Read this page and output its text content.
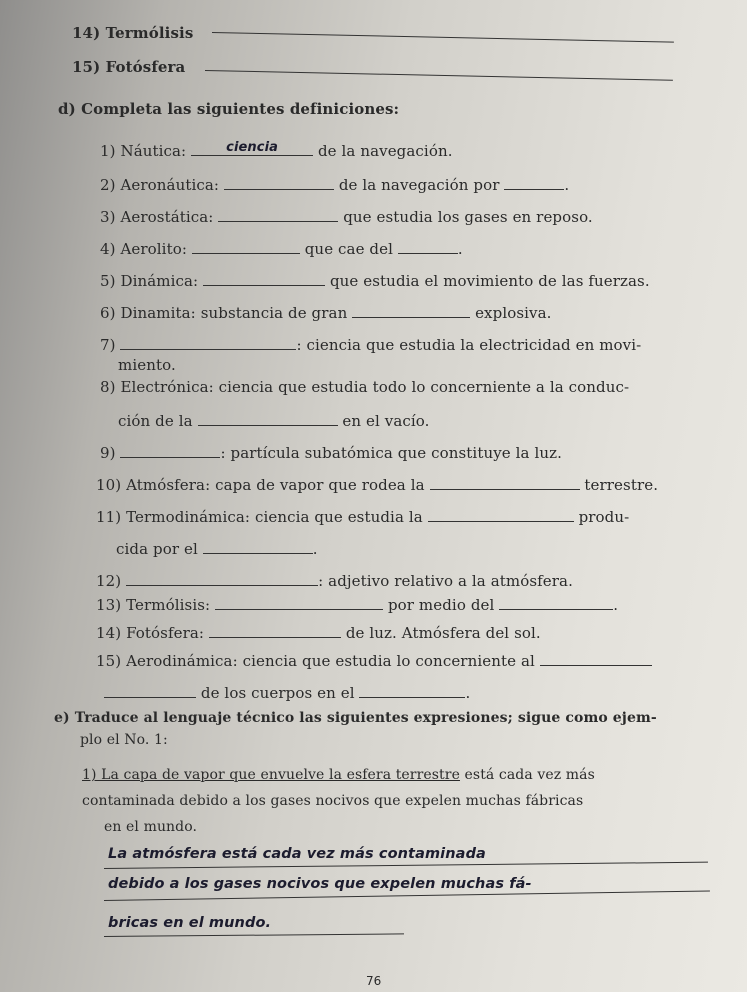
14) Termólisis
15) Fotósfera
d) Completa las siguientes definiciones:
1) Náutica:	ciencia	de la navegación.
2) Aeronáutica:	de la navegación por	.
3) Aerostática:	que estudia los gases en reposo.
4) Aerolito:	que cae del	.
5) Dinámica:	que estudia el movimiento de las fuerzas.
6) Dinamita: substancia de gran	explosiva.
7)	: ciencia que estudia la electricidad en movi-
miento.
8) Electrónica: ciencia que estudia todo lo concerniente a la conduc-
ción de la	en el vacío.
9)	: partícula subatómica que constituye la luz.
10) Atmósfera: capa de vapor que rodea la	terrestre.
11) Termodinámica: ciencia que estudia la	produ-
cida por el	.
12)	: adjetivo relativo a la atmósfera.
13) Termólisis:	por medio del	.
14) Fotósfera:	de luz. Atmósfera del sol.
15) Aerodinámica: ciencia que estudia lo concerniente al
de los cuerpos en el	.
e) Traduce al lenguaje técnico las siguientes expresiones; sigue como ejem-
plo el No. 1:
1) La capa de vapor que envuelve la esfera terrestre está cada vez más
contaminada debido a los gases nocivos que expelen muchas fábricas
en el mundo.
La atmósfera está cada vez más contaminada
debido a los gases nocivos que expelen muchas fá-
bricas en el mundo.
76
